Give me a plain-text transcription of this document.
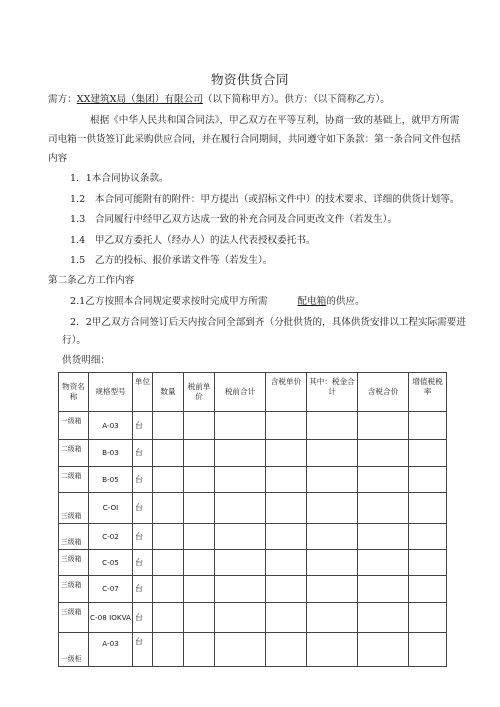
物资供货合同
需方：XX建筑X局（集团）有限公司（以下简称甲方）。供方：（以下简称乙方）。
根据《中华人民共和国合同法》，甲乙双方在平等互利，协商一致的基础上，就甲方所需
司电箱一供货签订此采购供应合同，并在履行合同期间，共同遵守如下条款：第一条合同文件包括
内容
1．1本合同协议条款。
1.2　本合同可能附有的附件：甲方提出（或招标文件中）的技术要求、详细的供货计划等。
1.3　合同履行中经甲乙双方达成一致的补充合同及合同更改文件（若发生）。
1.4　甲乙双方委托人（经办人）的法人代表授权委托书。
1.5　乙方的投标、报价承诺文件等（若发生）。
第二条乙方工作内容
2.1乙方按照本合同规定要求按时完成甲方所需	配电箱的供应。
2．2甲乙双方合同签订后天内按合同全部到齐（分批供货的，具体供货安排以工程实际需要进
行）。
供货明细：
物资名称	规格型号	单位	数量	税前单价	税前合计	含税单价	其中：税金合计	含税合价	增值税税率
一级箱	A-03	台							
二级箱	B-03	台							
二级箱	B-05	台							
三级箱	C-OI	台							
三级箱	C-02	台							
三级箱	C-05	台							
三级箱	C-07	台							
三级箱	C-08 IOKVA	台							
一级柜	A-03	台							
